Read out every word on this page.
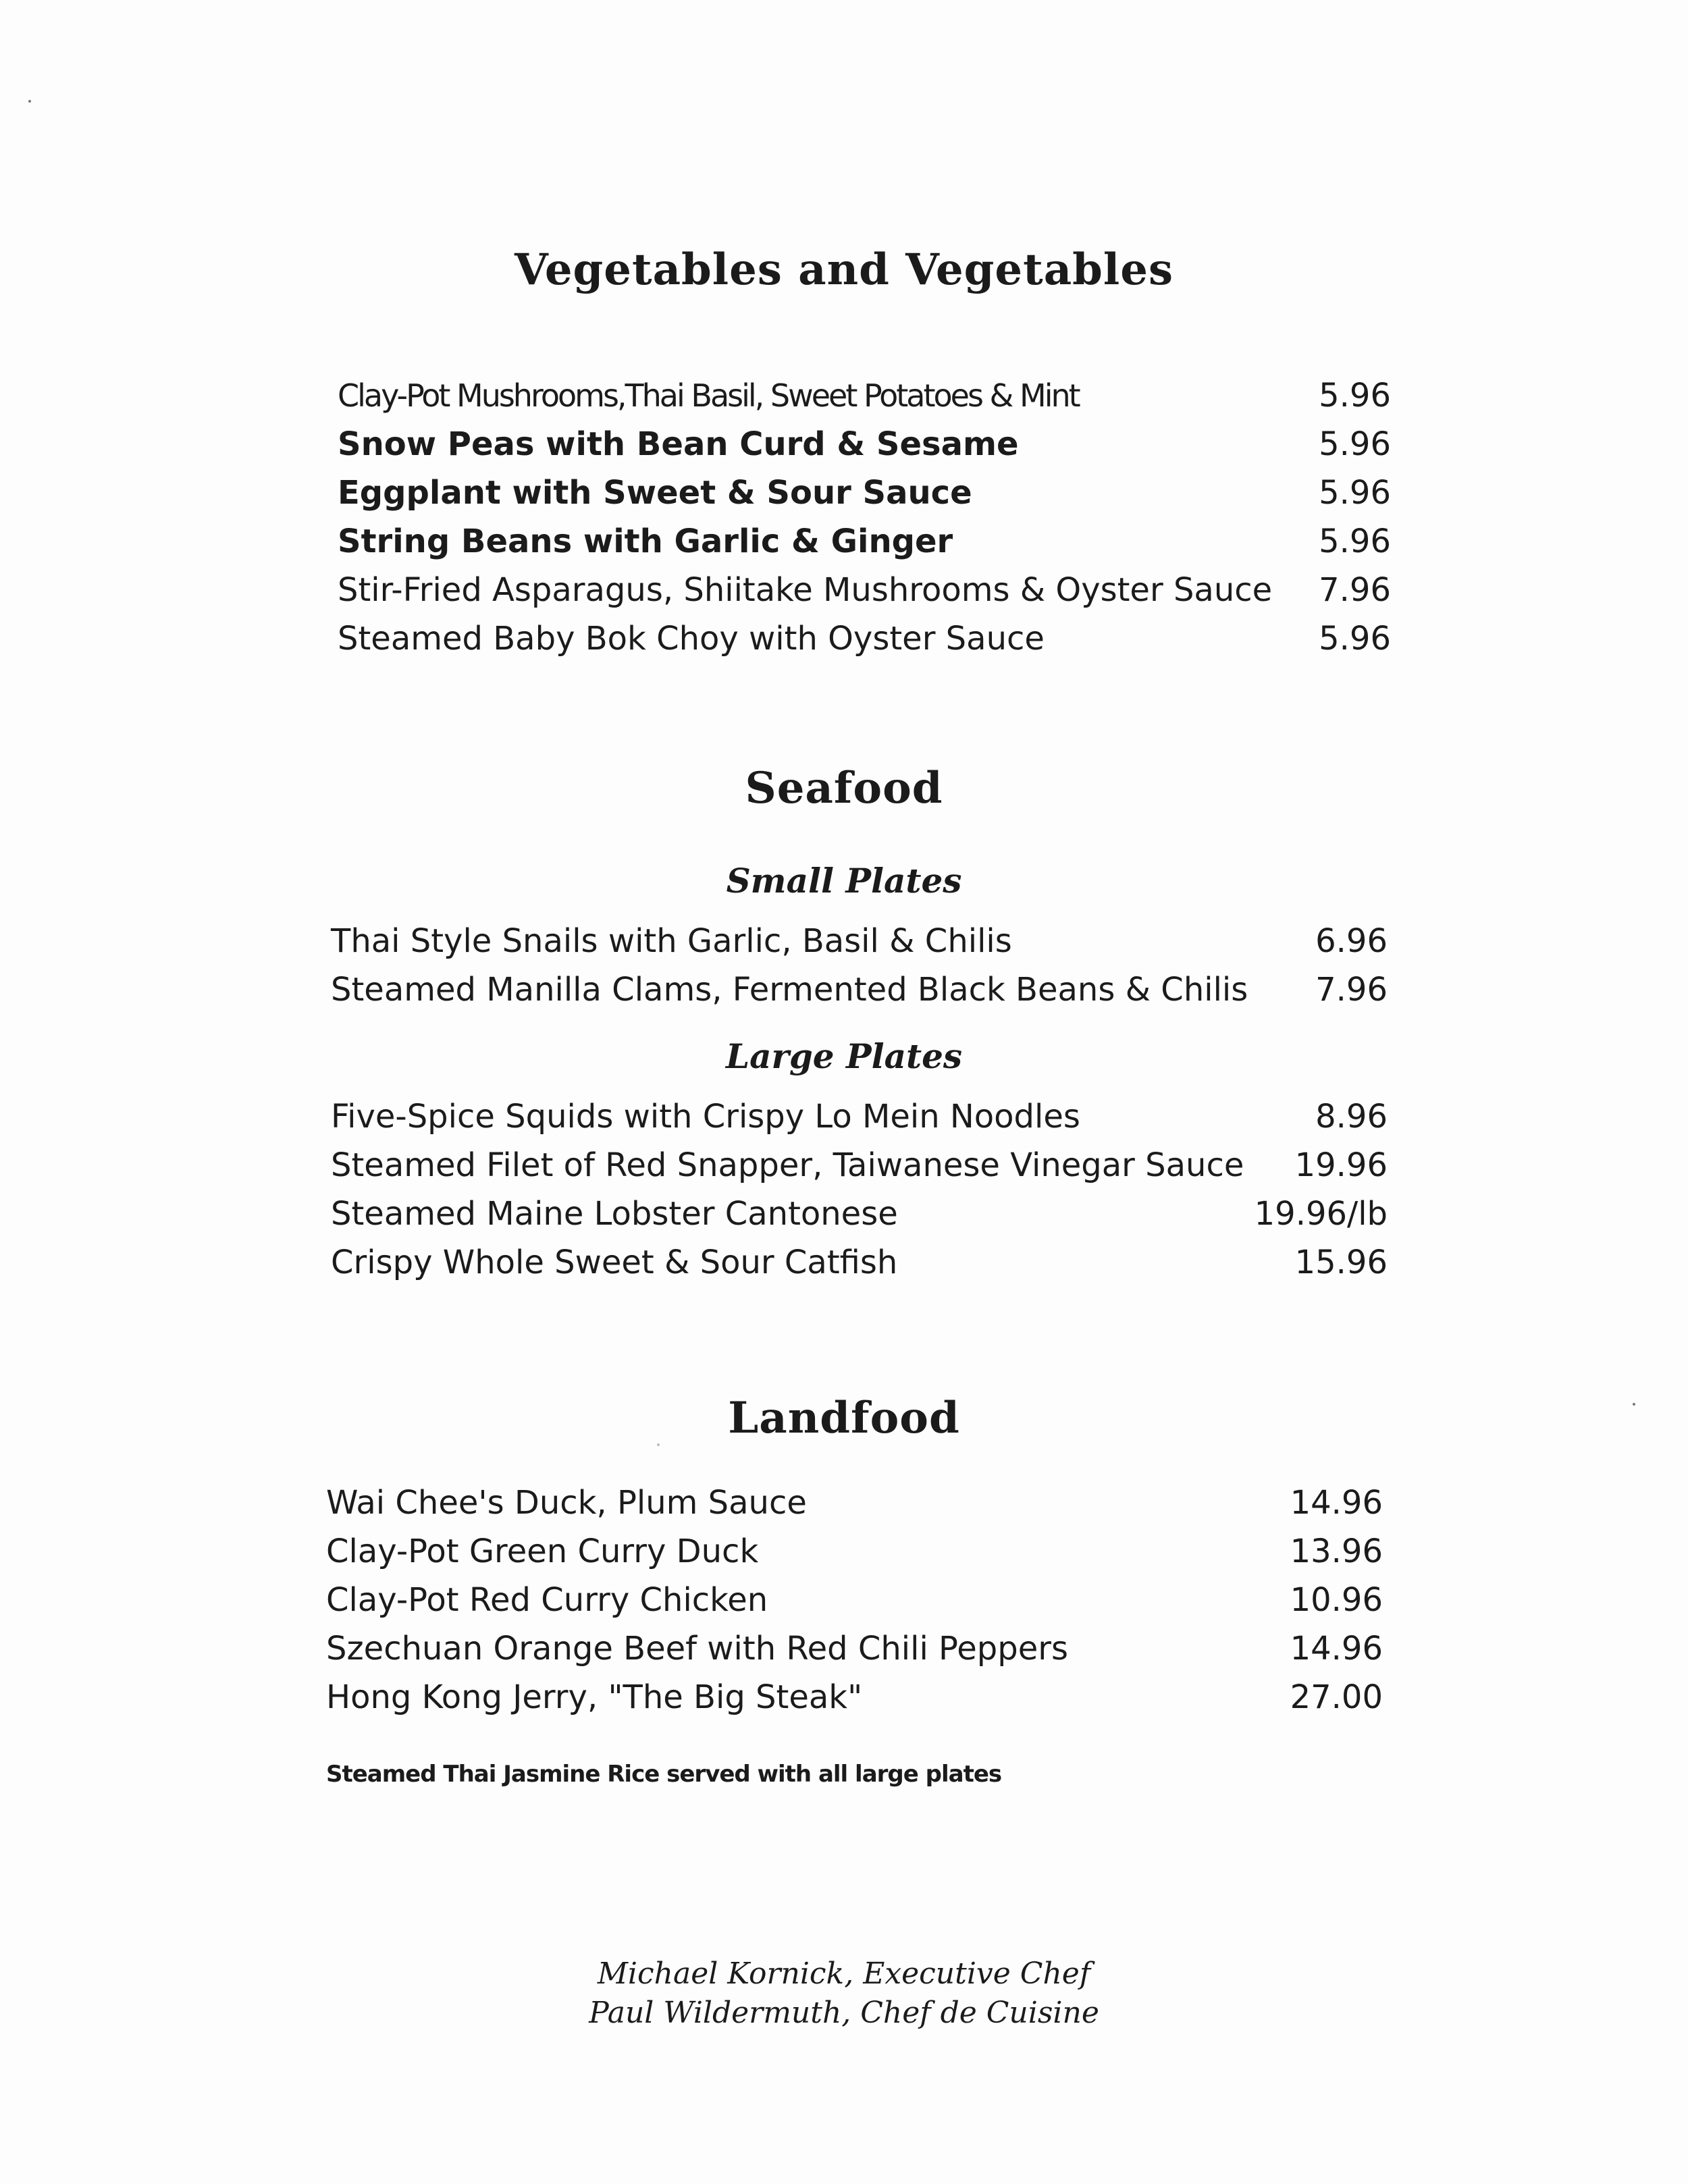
Vegetables and Vegetables
Clay-Pot Mushrooms,Thai Basil, Sweet Potatoes & Mint	5.96
Snow Peas with Bean Curd & Sesame	5.96
Eggplant with Sweet & Sour Sauce	5.96
String Beans with Garlic & Ginger	5.96
Stir-Fried Asparagus, Shiitake Mushrooms & Oyster Sauce 7.96
Steamed Baby Bok Choy with Oyster Sauce	5.96
Seafood
Small Plates
Thai Style Snails with Garlic, Basil & Chilis	6.96
Steamed Manilla Clams, Fermented Black Beans & Chilis 7.96
Large Plates
Five-Spice Squids with Crispy Lo Mein Noodles	8.96
Steamed Filet of Red Snapper, Taiwanese Vinegar Sauce 19.96
Steamed Maine Lobster Cantonese	19.96/lb
Crispy Whole Sweet & Sour Catfish	15.96
Landfood
Wai Chee's Duck, Plum Sauce	14.96
Clay-Pot Green Curry Duck	13.96
Clay-Pot Red Curry Chicken	10.96
Szechuan Orange Beef with Red Chili Peppers	14.96
Hong Kong Jerry, "The Big Steak"	27.00

Steamed Thai Jasmine Rice served with all large plates

Michael Kornick, Executive Chef
Paul Wildermuth, Chef de Cuisine
